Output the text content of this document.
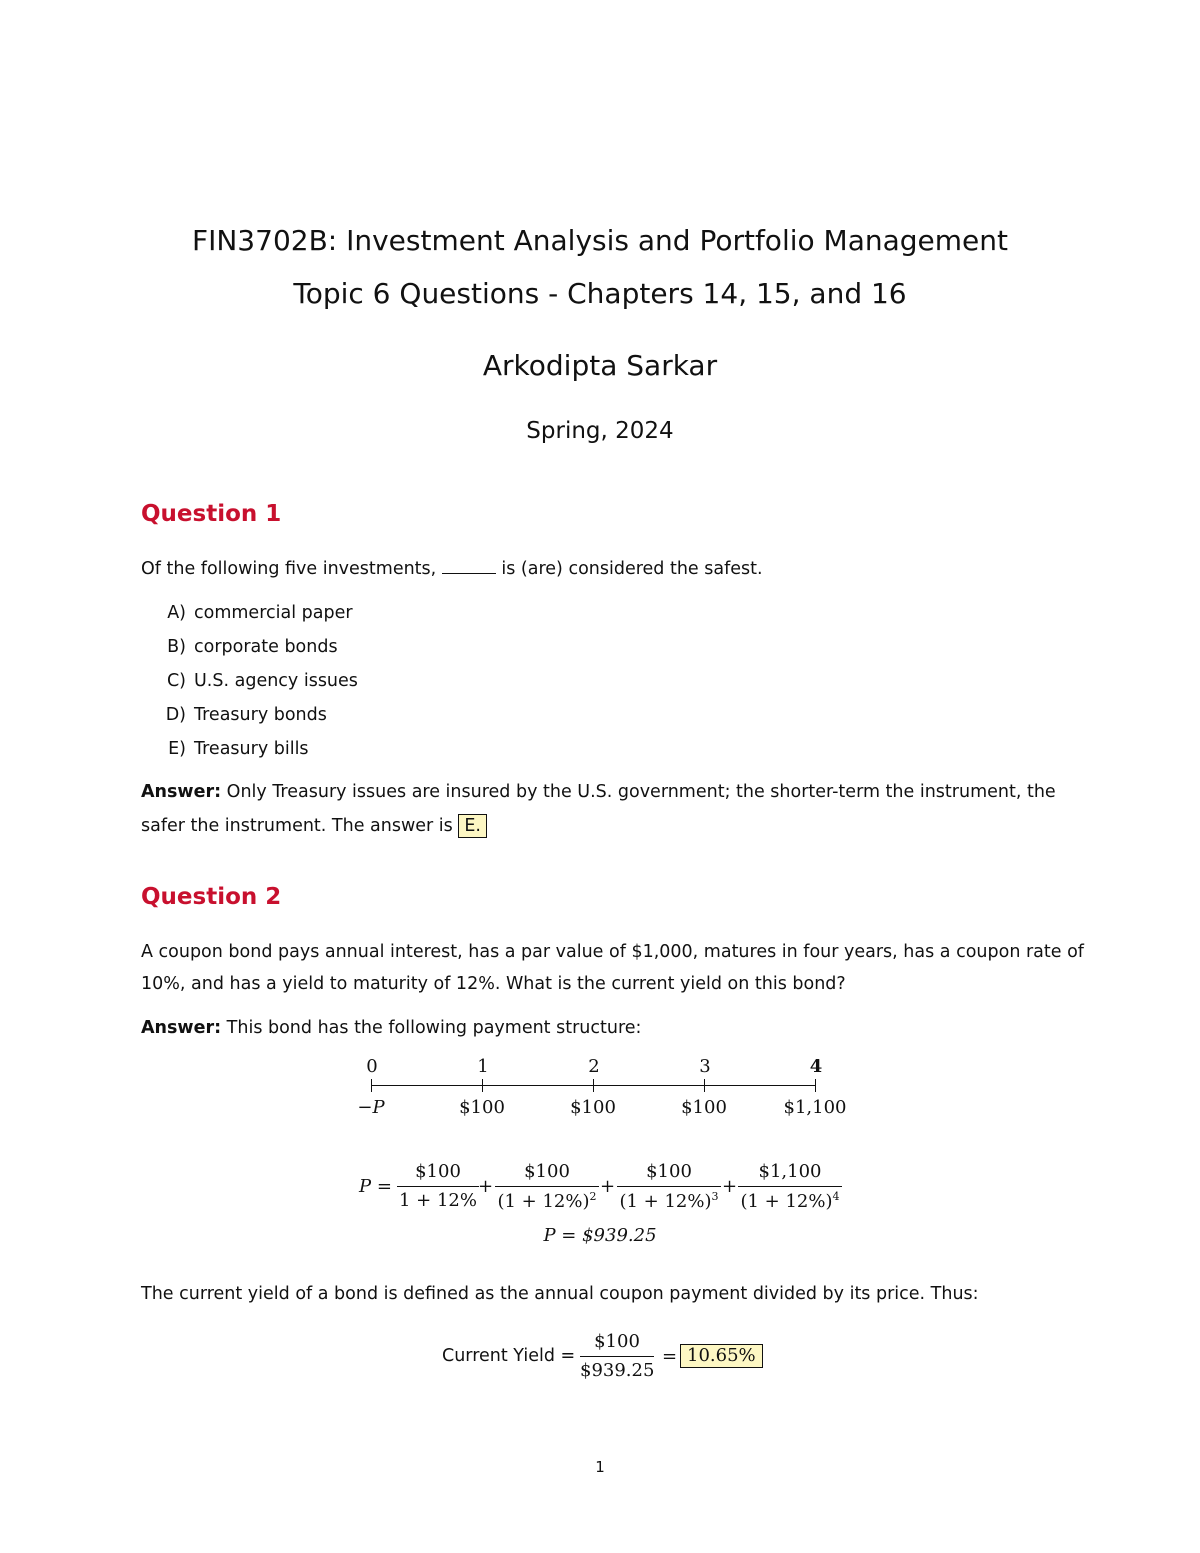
FIN3702B: Investment Analysis and Portfolio Management
Topic 6 Questions - Chapters 14, 15, and 16
Arkodipta Sarkar
Spring, 2024
Question 1
Of the following five investments,	is (are) considered the safest.
A) commercial paper
B) corporate bonds
C) U.S. agency issues
D) Treasury bonds
E) Treasury bills
Answer: Only Treasury issues are insured by the U.S. government; the shorter-term the instrument, the
safer the instrument. The answer is E.
Question 2
A coupon bond pays annual interest, has a par value of $1,000, matures in four years, has a coupon rate of
10%, and has a yield to maturity of 12%. What is the current yield on this bond?
Answer: This bond has the following payment structure:
0	1	2	3	4
−P	$100	$100	$100	$1,100
P =
$100
1 + 12%
+
$100
$(1 + 12\%)^2$ +
$100
$(1 + 12\%)^3$ +
$1,100
$(1 + 12\%)^4$
P = $939.25
The current yield of a bond is defined as the annual coupon payment divided by its price. Thus:
Current Yield =
$100
$939.25
= 10.65%
1
